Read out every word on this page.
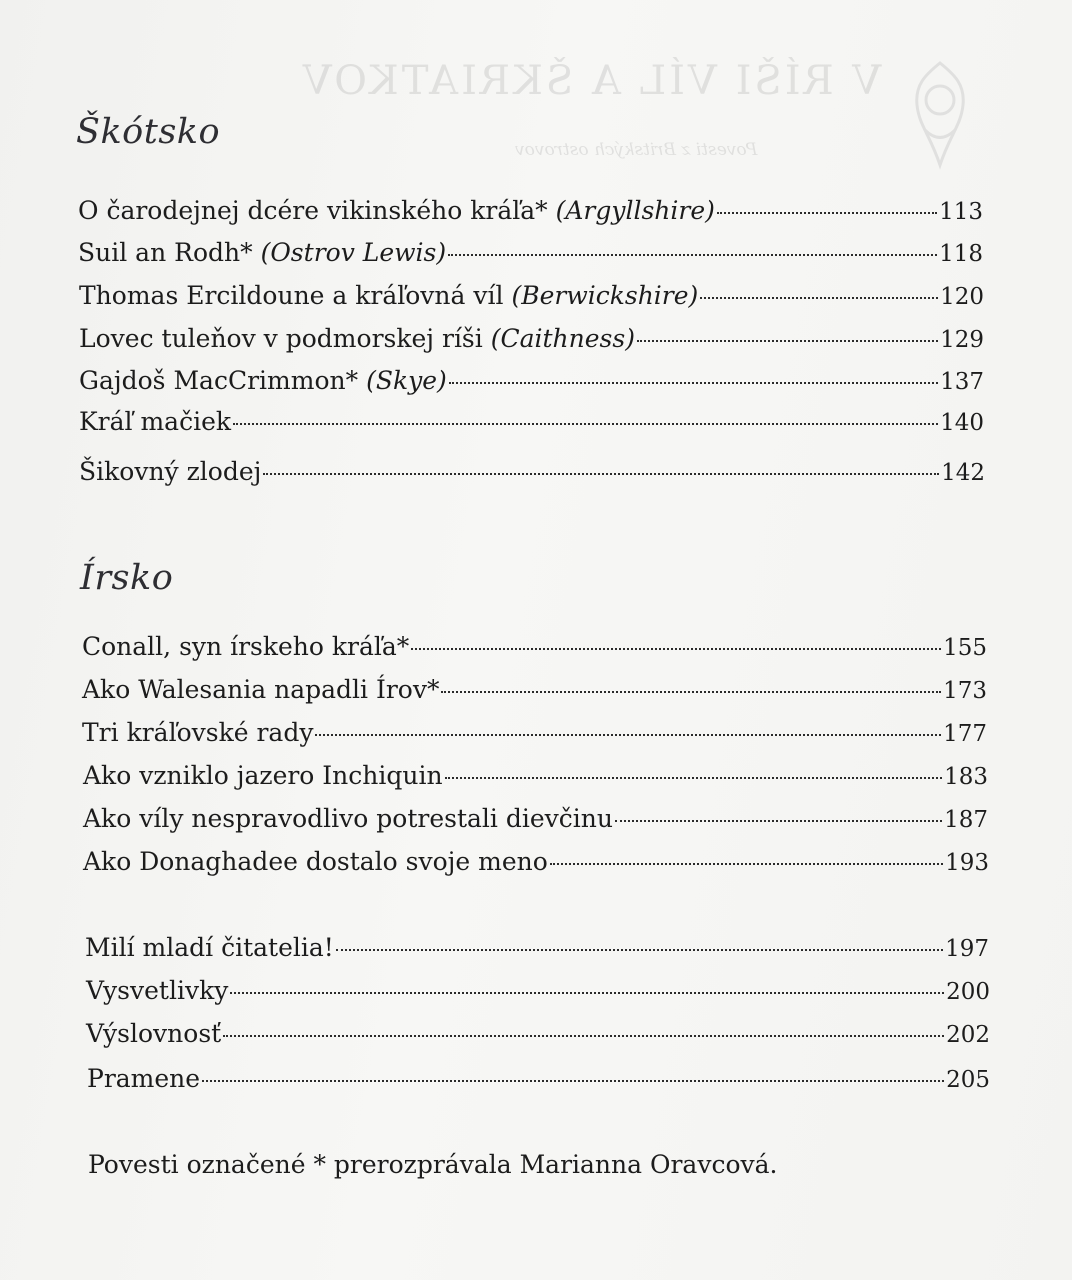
V RÍŠI VÍL A ŠKRIATKOV
Povesti z Britských ostrovov
Škótsko
O čarodejnej dcére vikinského kráľa* (Argyllshire)	113
Suil an Rodh* (Ostrov Lewis)	118
Thomas Ercildoune a kráľovná víl (Berwickshire)	120
Lovec tuleňov v podmorskej ríši (Caithness)	129
Gajdoš MacCrimmon* (Skye)	137
Kráľ mačiek	140
Šikovný zlodej	142
Írsko
Conall, syn írskeho kráľa*	155
Ako Walesania napadli Írov*	173
Tri kráľovské rady	177
Ako vzniklo jazero Inchiquin	183
Ako víly nespravodlivo potrestali dievčinu	187
Ako Donaghadee dostalo svoje meno	193
Milí mladí čitatelia!	197
Vysvetlivky	200
Výslovnosť	202
Pramene	205
Povesti označené * prerozprávala Marianna Oravcová.
